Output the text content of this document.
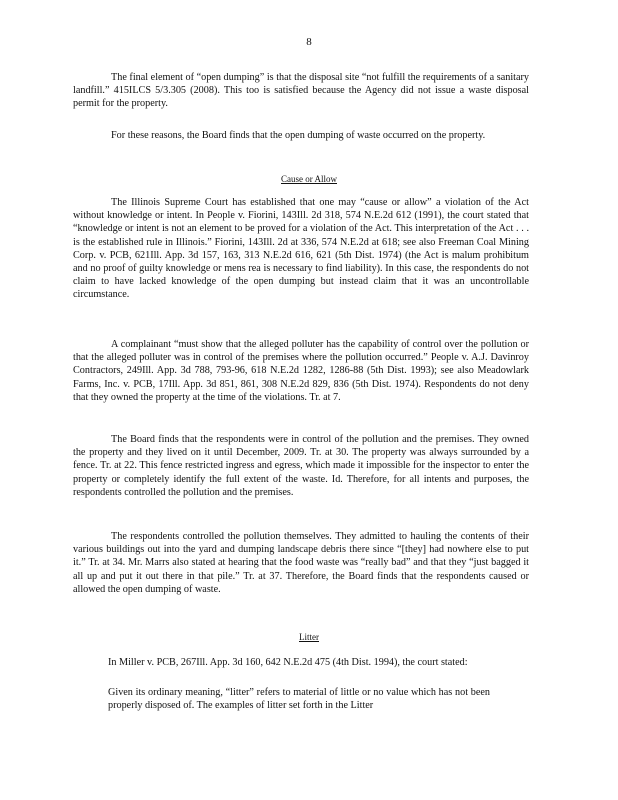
8

The final element of “open dumping” is that the disposal site “not fulfill the requirements of a sanitary landfill.” 415ILCS 5/3.305 (2008). This too is satisfied because the Agency did not issue a waste disposal permit for the property.

For these reasons, the Board finds that the open dumping of waste occurred on the property.

Cause or Allow

The Illinois Supreme Court has established that one may “cause or allow” a violation of the Act without knowledge or intent. In People v. Fiorini, 143Ill. 2d 318, 574 N.E.2d 612 (1991), the court stated that “knowledge or intent is not an element to be proved for a violation of the Act. This interpretation of the Act . . . is the established rule in Illinois.” Fiorini, 143Ill. 2d at 336, 574 N.E.2d at 618; see also Freeman Coal Mining Corp. v. PCB, 621Ill. App. 3d 157, 163, 313 N.E.2d 616, 621 (5th Dist. 1974) (the Act is malum prohibitum and no proof of guilty knowledge or mens rea is necessary to find liability). In this case, the respondents do not claim to have lacked knowledge of the open dumping but instead claim that it was an uncontrollable circumstance.

A complainant “must show that the alleged polluter has the capability of control over the pollution or that the alleged polluter was in control of the premises where the pollution occurred.” People v. A.J. Davinroy Contractors, 249Ill. App. 3d 788, 793-96, 618 N.E.2d 1282, 1286-88 (5th Dist. 1993); see also Meadowlark Farms, Inc. v. PCB, 17Ill. App. 3d 851, 861, 308 N.E.2d 829, 836 (5th Dist. 1974). Respondents do not deny that they owned the property at the time of the violations. Tr. at 7.

The Board finds that the respondents were in control of the pollution and the premises. They owned the property and they lived on it until December, 2009. Tr. at 30. The property was always surrounded by a fence. Tr. at 22. This fence restricted ingress and egress, which made it impossible for the inspector to enter the property or completely identify the full extent of the waste. Id. Therefore, for all intents and purposes, the respondents controlled the pollution and the premises.

The respondents controlled the pollution themselves. They admitted to hauling the contents of their various buildings out into the yard and dumping landscape debris there since “[they] had nowhere else to put it.” Tr. at 34. Mr. Marrs also stated at hearing that the food waste was “really bad” and that they “just bagged it all up and put it out there in that pile.” Tr. at 37. Therefore, the Board finds that the respondents caused or allowed the open dumping of waste.

Litter

In Miller v. PCB, 267Ill. App. 3d 160, 642 N.E.2d 475 (4th Dist. 1994), the court stated:

Given its ordinary meaning, “litter” refers to material of little or no value which has not been properly disposed of. The examples of litter set forth in the Litter
